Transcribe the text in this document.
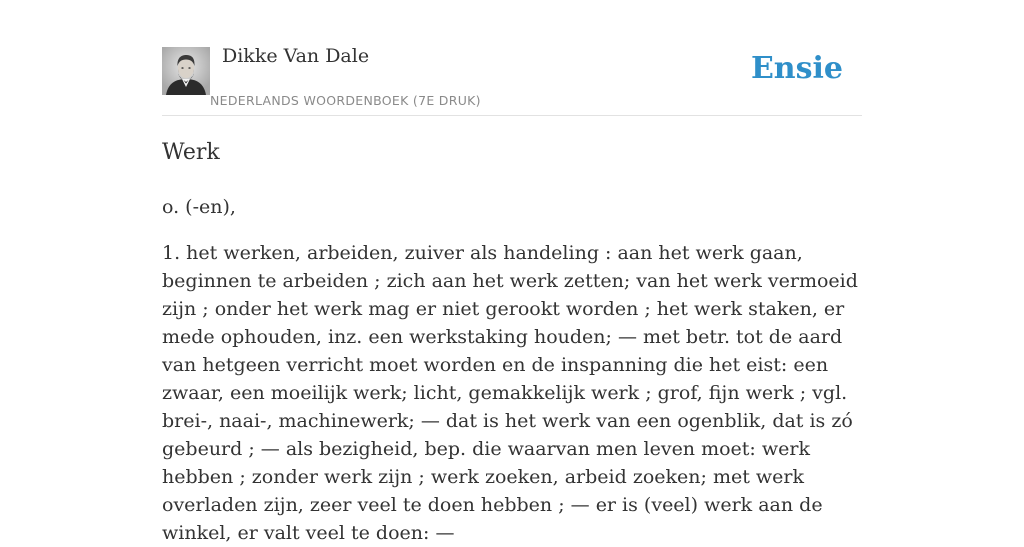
Dikke Van Dale
NEDERLANDS WOORDENBOEK (7E DRUK)
Ensie
Werk

o. (-en),

1. het werken, arbeiden, zuiver als handeling : aan het werk gaan, beginnen te arbeiden ; zich aan het werk zetten; van het werk vermoeid zijn ; onder het werk mag er niet gerookt worden ; het werk staken, er mede ophouden, inz. een werkstaking houden; — met betr. tot de aard van hetgeen verricht moet worden en de inspanning die het eist: een zwaar, een moeilijk werk; licht, gemakkelijk werk ; grof, fijn werk ; vgl. brei-, naai-, machinewerk; — dat is het werk van een ogenblik, dat is zó gebeurd ; — als bezigheid, bep. die waarvan men leven moet: werk hebben ; zonder werk zijn ; werk zoeken, arbeid zoeken; met werk overladen zijn, zeer veel te doen hebben ; — er is (veel) werk aan de winkel, er valt veel te doen: —
